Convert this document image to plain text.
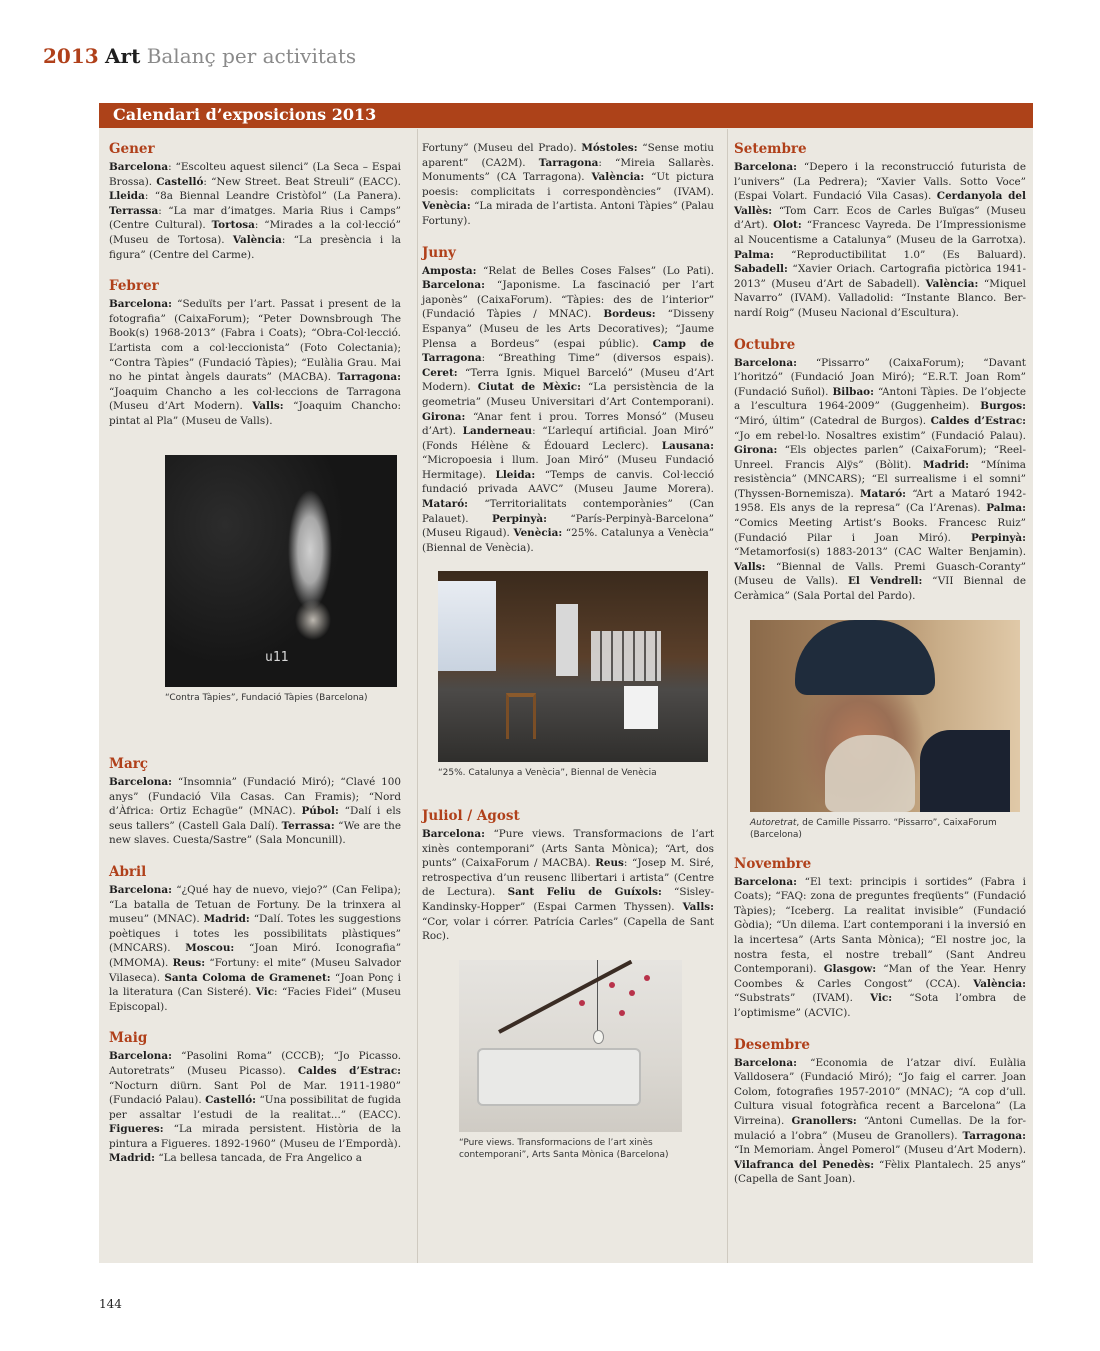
2013 Art Balanç per activitats
Calendari d’exposicions 2013
Gener

Barcelona: “Escolteu aquest silenci” (La Seca – Espai Brossa). Castelló: “New Street. Beat Streuli” (EACC). Lleida: “8a Biennal Leandre Cristòfol” (La Panera). Terrassa: “La mar d’imatges. Maria Rius i Camps” (Centre Cultural). Tortosa: “Mirades a la col·lecció” (Museu de Tortosa). València: “La presència i la figura” (Centre del Carme).

Febrer

Barcelona: “Seduïts per l’art. Passat i present de la fotografia” (CaixaForum); “Peter Downsbrough The Book(s) 1968-2013” (Fabra i Coats); “Obra-Col·lecció. L’artista com a col·leccionista” (Foto Colectania); “Contra Tàpies” (Fundació Tàpies); “Eulàlia Grau. Mai no he pintat àngels daurats” (MACBA). Tarragona: “Joaquim Chancho a les col·leccions de Tarragona (Museu d’Art Modern). Valls: “Joaquim Chancho: pintat al Pla” (Museu de Valls).

u11
“Contra Tàpies”, Fundació Tàpies (Barcelona)
Març

Barcelona: “Insomnia” (Fundació Miró); “Clavé 100 anys” (Fundació Vila Casas. Can Framis); “Nord d’Àfrica: Ortiz Echagüe” (MNAC). Púbol: “Dalí i els seus tallers” (Castell Gala Dalí). Terrassa: “We are the new slaves. Cuesta/Sastre” (Sala Moncunill).

Abril

Barcelona: “¿Qué hay de nuevo, viejo?” (Can Felipa); “La batalla de Tetuan de Fortuny. De la trinxera al museu” (MNAC). Madrid: “Dalí. Totes les suggestions poètiques i totes les possibilitats plàstiques” (MNCARS). Moscou: “Joan Miró. Iconografia” (MMOMA). Reus: “Fortuny: el mite” (Museu Salvador Vilaseca). Santa Coloma de Gramenet: “Joan Ponç i la literatura (Can Sisteré). Vic: “Facies Fidei” (Museu Episcopal).

Maig

Barcelona: “Pasolini Roma” (CCCB); “Jo Picasso. Autoretrats” (Museu Picasso). Caldes d’Estrac: “Nocturn diürn. Sant Pol de Mar. 1911-1980” (Fundació Palau). Castelló: “Una possibilitat de fugida per assaltar l’estudi de la realitat...” (EACC). Figueres: “La mirada persistent. Història de la pintura a Figueres. 1892-1960” (Museu de l’Empordà). Madrid: “La bellesa tancada, de Fra Angelico a

Fortuny” (Museu del Prado). Móstoles: “Sense motiu aparent” (CA2M). Tarragona: “Mireia Sallarès. Monuments” (CA Tarragona). València: “Ut pictura poesis: complicitats i correspondències” (IVAM). Venècia: “La mirada de l’artista. Antoni Tàpies” (Palau Fortuny).

Juny

Amposta: “Relat de Belles Coses Falses” (Lo Pati). Barcelona: “Japonisme. La fascinació per l’art japonès” (CaixaForum). “Tàpies: des de l’interior” (Fundació Tàpies / MNAC). Bordeus: “Disseny Espanya” (Museu de les Arts Decoratives); “Jaume Plensa a Bordeus” (espai públic). Camp de Tarragona: “Breathing Time” (diversos espais). Ceret: “Terra Ignis. Miquel Barceló” (Museu d’Art Modern). Ciutat de Mèxic: “La persistència de la geometria” (Museu Universitari d’Art Contemporani). Girona: “Anar fent i prou. Torres Monsó” (Museu d’Art). Landerneau: “L’arlequí artificial. Joan Miró” (Fonds Hélène & Édouard Leclerc). Lausana: “Micropoesia i llum. Joan Miró” (Museu Fundació Hermitage). Lleida: “Temps de canvis. Col·lecció fundació privada AAVC” (Museu Jaume Morera). Mataró: “Territorialitats contemporànies” (Can Palauet). Perpinyà: “París-Perpinyà-Barcelona” (Museu Rigaud). Venècia: “25%. Catalunya a Venècia” (Biennal de Venècia).

“25%. Catalunya a Venècia”, Biennal de Venècia
Juliol / Agost

Barcelona: “Pure views. Transformacions de l’art xinès contemporani” (Arts Santa Mònica); “Art, dos punts” (CaixaForum / MACBA). Reus: “Josep M. Siré, retrospectiva d’un reusenc llibertari i artista” (Centre de Lectura). Sant Feliu de Guíxols: “Sisley-Kandinsky-Hopper” (Espai Carmen Thyssen). Valls: “Cor, volar i córrer. Patrícia Carles” (Capella de Sant Roc).

“Pure views. Transformacions de l’art xinès contemporani”, Arts Santa Mònica (Barcelona)
Setembre

Barcelona: “Depero i la reconstrucció futurista de l’univers” (La Pedrera); “Xavier Valls. Sotto Voce” (Espai Volart. Fundació Vila Casas). Cerdanyola del Vallès: “Tom Carr. Ecos de Carles Buïgas” (Museu d’Art). Olot: “Francesc Vayreda. De l’Impressionisme al Noucentisme a Catalunya” (Museu de la Garrotxa). Palma: “Reproductibilitat 1.0” (Es Baluard). Sabadell: “Xavier Oriach. Cartografia pictòrica 1941-2013” (Museu d’Art de Sabadell). València: “Miquel Navarro” (IVAM). Valladolid: “Instante Blanco. Bernardí Roig” (Museu Nacional d’Escultura).

Octubre

Barcelona: “Pissarro” (CaixaForum); “Davant l’horitzó” (Fundació Joan Miró); “E.R.T. Joan Rom” (Fundació Suñol). Bilbao: “Antoni Tàpies. De l’objecte a l’escultura 1964-2009” (Guggenheim). Burgos: “Miró, últim” (Catedral de Burgos). Caldes d’Estrac: “Jo em rebel·lo. Nosaltres existim” (Fundació Palau). Girona: “Els objectes parlen” (CaixaForum); “Reel-Unreel. Francis Alÿs” (Bòlit). Madrid: “Mínima resistència” (MNCARS); “El surrealisme i el somni” (Thyssen-Bornemisza). Mataró: “Art a Mataró 1942-1958. Els anys de la represa” (Ca l’Arenas). Palma: “Comics Meeting Artist’s Books. Francesc Ruiz” (Fundació Pilar i Joan Miró). Perpinyà: “Metamorfosi(s) 1883-2013” (CAC Walter Benjamin). Valls: “Biennal de Valls. Premi Guasch-Coranty” (Museu de Valls). El Vendrell: “VII Biennal de Ceràmica” (Sala Portal del Pardo).

Autoretrat, de Camille Pissarro. “Pissarro”, CaixaForum (Barcelona)
Novembre

Barcelona: “El text: principis i sortides” (Fabra i Coats); “FAQ: zona de preguntes freqüents” (Fundació Tàpies); “Iceberg. La realitat invisible” (Fundació Gòdia); “Un dilema. L’art contemporani i la inversió en la incertesa” (Arts Santa Mònica); “El nostre joc, la nostra festa, el nostre treball” (Sant Andreu Contemporani). Glasgow: “Man of the Year. Henry Coombes & Carles Congost” (CCA). València: “Substrats” (IVAM). Vic: “Sota l’ombra de l’optimisme” (ACVIC).

Desembre

Barcelona: “Economia de l’atzar diví. Eulàlia Valldosera” (Fundació Miró); “Jo faig el carrer. Joan Colom, fotografies 1957-2010” (MNAC); “A cop d’ull. Cultura visual fotogràfica recent a Barcelona” (La Virreina). Granollers: “Antoni Cumellas. De la formulació a l’obra” (Museu de Granollers). Tarragona: “In Memoriam. Àngel Pomerol” (Museu d’Art Modern). Vilafranca del Penedès: “Fèlix Plantalech. 25 anys” (Capella de Sant Joan).

144
